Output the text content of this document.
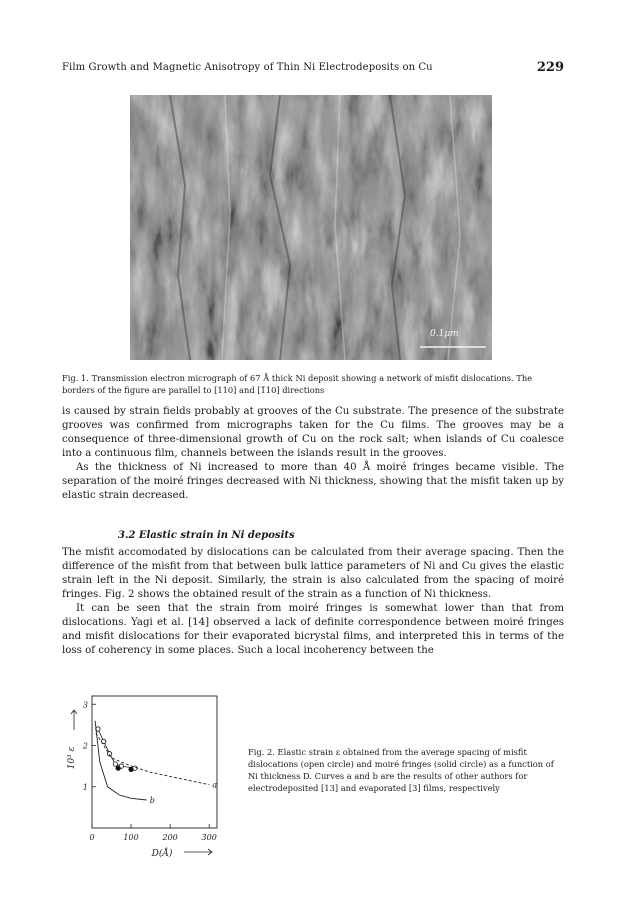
Film Growth and Magnetic Anisotropy of Thin Ni Electrodeposits on Cu	229
0.1µm
Fig. 1. Transmission electron micrograph of 67 Å thick Ni deposit showing a network of misfit dislocations. The borders of the figure are parallel to [110] and [1̄10] directions

is caused by strain fields probably at grooves of the Cu substrate. The presence of the substrate grooves was confirmed from micrographs taken for the Cu films. The grooves may be a consequence of three-dimensional growth of Cu on the rock salt; when islands of Cu coalesce into a continuous film, channels between the islands result in the grooves.

As the thickness of Ni increased to more than 40 Å moiré fringes became visible. The separation of the moiré fringes decreased with Ni thickness, showing that the misfit taken up by elastic strain decreased.

3.2 Elastic strain in Ni deposits

The misfit accomodated by dislocations can be calculated from their average spacing. Then the difference of the misfit from that between bulk lattice parameters of Ni and Cu gives the elastic strain left in the Ni deposit. Similarly, the strain is also calculated from the spacing of moiré fringes. Fig. 2 shows the obtained result of the strain as a function of Ni thickness.

It can be seen that the strain from moiré fringes is somewhat lower than that from dislocations. Yagi et al. [14] observed a lack of definite correspondence between moiré fringes and misfit dislocations for their evaporated bicrystal films, and interpreted this in terms of the loss of coherency in some places. Such a local incoherency between the

0	100	200	300
1
2
3
a
b
10³ ε
D(Å)
Fig. 2. Elastic strain ε obtained from the average spacing of misfit dislocations (open circle) and moiré fringes (solid circle) as a function of Ni thickness D. Curves a and b are the results of other authors for electrodeposited [13] and evaporated [3] films, respectively
